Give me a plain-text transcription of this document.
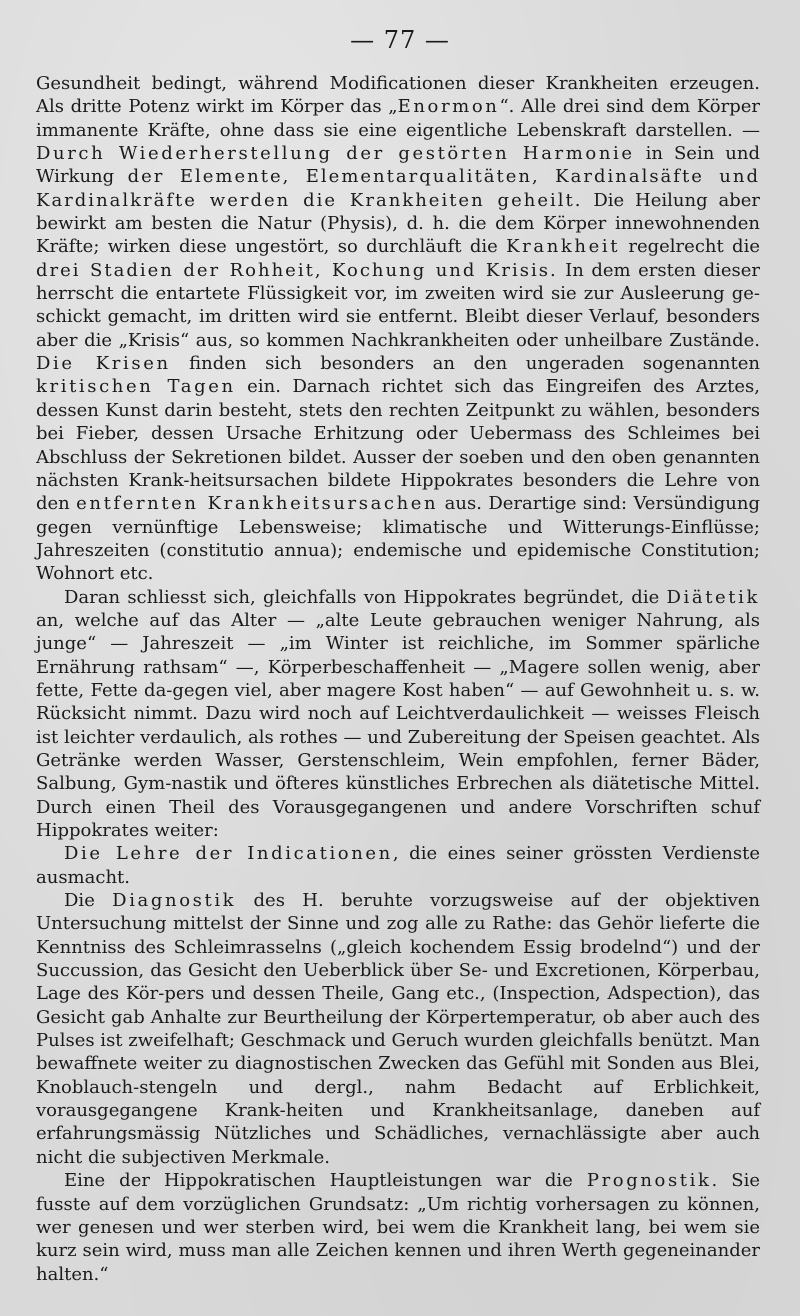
— 77 —

Gesundheit bedingt, während Modificationen dieser Krankheiten erzeugen. Als dritte Potenz wirkt im Körper das „Enormon“. Alle drei sind dem Körper immanente Kräfte, ohne dass sie eine eigentliche Lebenskraft darstellen. — Durch Wiederherstellung der gestörten Harmonie in Sein und Wirkung der Elemente, Elementarqualitäten, Kardinalsäfte und Kardinalkräfte werden die Krankheiten geheilt. Die Heilung aber bewirkt am besten die Natur (Physis), d. h. die dem Körper innewohnenden Kräfte; wirken diese ungestört, so durchläuft die Krankheit regelrecht die drei Stadien der Rohheit, Kochung und Krisis. In dem ersten dieser herrscht die entartete Flüssigkeit vor, im zweiten wird sie zur Ausleerung ge-schickt gemacht, im dritten wird sie entfernt. Bleibt dieser Verlauf, besonders aber die „Krisis“ aus, so kommen Nachkrankheiten oder unheilbare Zustände. Die Krisen finden sich besonders an den ungeraden sogenannten kritischen Tagen ein. Darnach richtet sich das Eingreifen des Arztes, dessen Kunst darin besteht, stets den rechten Zeitpunkt zu wählen, besonders bei Fieber, dessen Ursache Erhitzung oder Uebermass des Schleimes bei Abschluss der Sekretionen bildet. Ausser der soeben und den oben genannten nächsten Krank-heitsursachen bildete Hippokrates besonders die Lehre von den entfernten Krankheitsursachen aus. Derartige sind: Versündigung gegen vernünftige Lebensweise; klimatische und Witterungs-Einflüsse; Jahreszeiten (constitutio annua); endemische und epidemische Constitution; Wohnort etc.

Daran schliesst sich, gleichfalls von Hippokrates begründet, die Diätetik an, welche auf das Alter — „alte Leute gebrauchen weniger Nahrung, als junge“ — Jahreszeit — „im Winter ist reichliche, im Sommer spärliche Ernährung rathsam“ —, Körperbeschaffenheit — „Magere sollen wenig, aber fette, Fette da-gegen viel, aber magere Kost haben“ — auf Gewohnheit u. s. w. Rücksicht nimmt. Dazu wird noch auf Leichtverdaulichkeit — weisses Fleisch ist leichter verdaulich, als rothes — und Zubereitung der Speisen geachtet. Als Getränke werden Wasser, Gerstenschleim, Wein empfohlen, ferner Bäder, Salbung, Gym-nastik und öfteres künstliches Erbrechen als diätetische Mittel. Durch einen Theil des Vorausgegangenen und andere Vorschriften schuf Hippokrates weiter:

Die Lehre der Indicationen, die eines seiner grössten Verdienste ausmacht.

Die Diagnostik des H. beruhte vorzugsweise auf der objektiven Untersuchung mittelst der Sinne und zog alle zu Rathe: das Gehör lieferte die Kenntniss des Schleimrasselns („gleich kochendem Essig brodelnd“) und der Succussion, das Gesicht den Ueberblick über Se- und Excretionen, Körperbau, Lage des Kör-pers und dessen Theile, Gang etc., (Inspection, Adspection), das Gesicht gab Anhalte zur Beurtheilung der Körpertemperatur, ob aber auch des Pulses ist zweifelhaft; Geschmack und Geruch wurden gleichfalls benützt. Man bewaffnete weiter zu diagnostischen Zwecken das Gefühl mit Sonden aus Blei, Knoblauch-stengeln und dergl., nahm Bedacht auf Erblichkeit, vorausgegangene Krank-heiten und Krankheitsanlage, daneben auf erfahrungsmässig Nützliches und Schädliches, vernachlässigte aber auch nicht die subjectiven Merkmale.

Eine der Hippokratischen Hauptleistungen war die Prognostik. Sie fusste auf dem vorzüglichen Grundsatz: „Um richtig vorhersagen zu können, wer genesen und wer sterben wird, bei wem die Krankheit lang, bei wem sie kurz sein wird, muss man alle Zeichen kennen und ihren Werth gegeneinander halten.“
